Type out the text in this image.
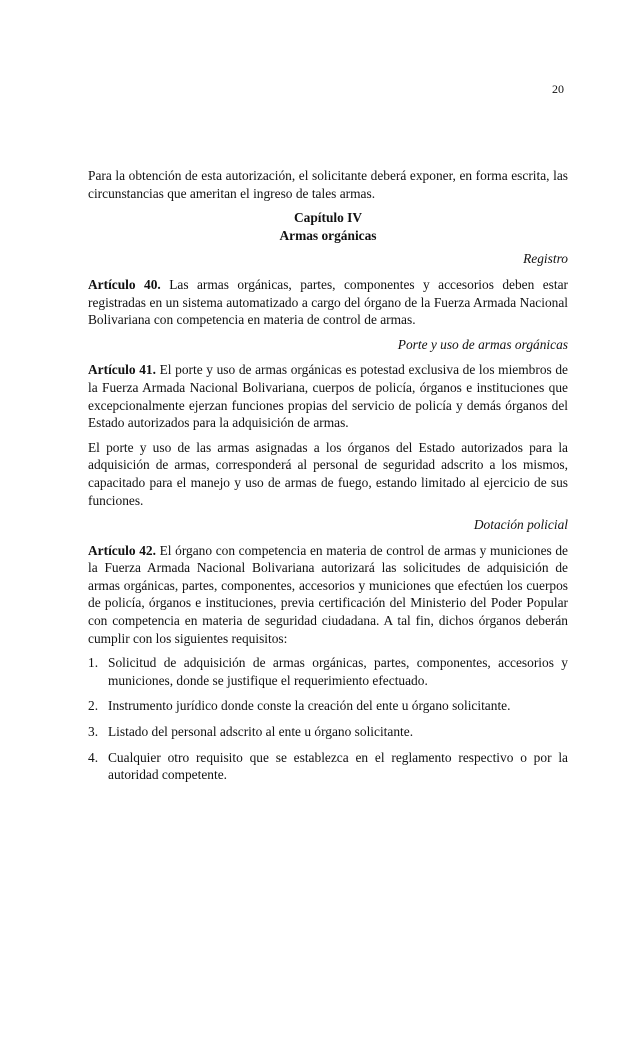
20

Para la obtención de esta autorización, el solicitante deberá exponer, en forma escrita, las circunstancias que ameritan el ingreso de tales armas.

Capítulo IV
Armas orgánicas
Registro

Artículo 40. Las armas orgánicas, partes, componentes y accesorios deben estar registradas en un sistema automatizado a cargo del órgano de la Fuerza Armada Nacional Bolivariana con competencia en materia de control de armas.

Porte y uso de armas orgánicas

Artículo 41. El porte y uso de armas orgánicas es potestad exclusiva de los miembros de la Fuerza Armada Nacional Bolivariana, cuerpos de policía, órganos e instituciones que excepcionalmente ejerzan funciones propias del servicio de policía y demás órganos del Estado autorizados para la adquisición de armas.

El porte y uso de las armas asignadas a los órganos del Estado autorizados para la adquisición de armas, corresponderá al personal de seguridad adscrito a los mismos, capacitado para el manejo y uso de armas de fuego, estando limitado al ejercicio de sus funciones.

Dotación policial

Artículo 42. El órgano con competencia en materia de control de armas y municiones de la Fuerza Armada Nacional Bolivariana autorizará las solicitudes de adquisición de armas orgánicas, partes, componentes, accesorios y municiones que efectúen los cuerpos de policía, órganos e instituciones, previa certificación del Ministerio del Poder Popular con competencia en materia de seguridad ciudadana. A tal fin, dichos órganos deberán cumplir con los siguientes requisitos:

1. Solicitud de adquisición de armas orgánicas, partes, componentes, accesorios y municiones, donde se justifique el requerimiento efectuado.
2. Instrumento jurídico donde conste la creación del ente u órgano solicitante.
3. Listado del personal adscrito al ente u órgano solicitante.
4. Cualquier otro requisito que se establezca en el reglamento respectivo o por la autoridad competente.
